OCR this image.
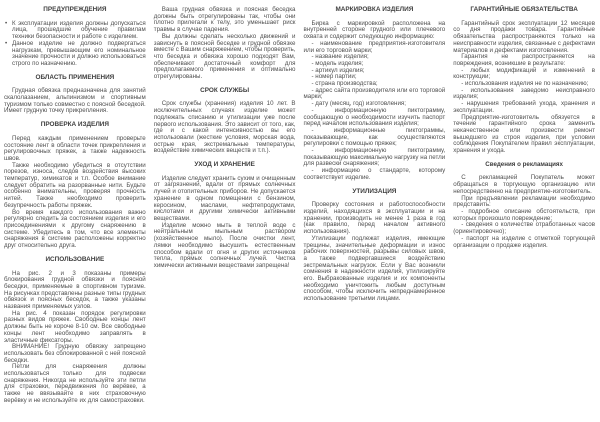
ПРЕДУПРЕЖДЕНИЯ
• К эксплуатации изделия должны допускаться лица, прошедшие обучение правилам техники безопасности и работе с изделием.
• Данное изделие не должно подвергаться нагрузкам, превышающим его номинальное значение прочности и должно использоваться строго по назначению.
ОБЛАСТЬ ПРИМЕНЕНИЯ
Грудная обвязка предназначена для занятий скалолазанием, альпинизмом и спортивным туризмом только совместно с поясной беседкой. Имеет грудную точку прикрепления.
ПРОВЕРКА ИЗДЕЛИЯ
Перед каждым применением проверьте состояние лент в области точек прикрепления и регулировочных пряжек, а также надежность швов.
Также необходимо убедиться в отсутствии порезов, износа, следов воздействия высоких температур, химикатов и т.п. Особое внимание следует обратить на разорванные нити. Будьте особенно внимательны, проверяя прочность нитей. Также необходимо проверить безупречность работы пряжек.
Во время каждого использования важно регулярно следить за состоянием изделия и его присоединениями к другому снаряжению в системе. Убедитесь в том, что все элементы снаряжения в системе расположены корректно друг относительно друга.
ИСПОЛЬЗОВАНИЕ
На рис. 2 и 3 показаны примеры блокирования грудной обвязки и поясной беседки, применяемые в спортивном туризме. На рисунках представлены разные типы грудных обвязок и поясных беседок, а также указаны названия применяемых узлов.
На рис. 4 показан порядок регулировки разных видов пряжек. Свободные концы лент должны быть не короче 8-10 см. Все свободные концы лент необходимо заправлять в эластичные фиксаторы.
ВНИМАНИЕ! Грудную обвязку запрещено использовать без сблокированной с ней поясной беседки.
Петли для снаряжения должны использоваться только для подвески снаряжения. Никогда не используйте эти петли для страховки, передвижения по верёвке, а также не ввязывайте в них страховочную верёвку и не используйте их для самостраховки.
Ваша грудная обвязка и поясная беседка должны быть отрегулированы так, чтобы они плотно прилегали к телу, это уменьшает риск травмы в случае падения.
Вы должны сделать несколько движений и зависнуть в поясной беседке и грудной обвязке вместе с Вашим снаряжением, чтобы проверить, что беседка и обвязка хорошо подходят Вам, обеспечивают достаточный комфорт для предполагаемого применения и оптимально отрегулированы.
СРОК СЛУЖБЫ
Срок службы (хранения) изделия 10 лет. В исключительных случаях изделие может подлежать списанию и утилизации уже после первого использования. Это зависит от того, как, где и с какой интенсивностью вы его использовали (жесткие условия, морская вода, острые края, экстремальные температуры, воздействие химических веществ и т.п.).
УХОД И ХРАНЕНИЕ
Изделие следует хранить сухим и очищенным от загрязнений, вдали от прямых солнечных лучей и отопительных приборов. Не допускается хранение в одном помещении с бензином, керосином, маслами, нефтепродуктами, кислотами и другими химически активными веществами.
Изделие можно мыть в теплой воде с нейтральным мыльным раствором (хозяйственное мыло). После очистки лент, лямки необходимо высушить естественным способом вдали от огня и других источников тепла, прямых солнечных лучей. Чистка химически активными веществами запрещена!
МАРКИРОВКА ИЗДЕЛИЯ
Бирка с маркировкой расположена на внутренней стороне грудного или плечевого охвата и содержит следующую информацию:
- наименование предприятия-изготовителя или его торговой марки;
- название изделия;
- модель изделия;
- артикул изделия;
- номер партии;
- страна производства;
- адрес сайта производителя или его торговой марки;
- дату (месяц, год) изготовления;
- информационную пиктограмму, сообщающую о необходимости изучить паспорт перед началом использования изделия;
- информационные пиктограммы, показывающие, как осуществляются регулировки с помощью пряжек;
- информационную пиктограмму, показывающую максимальную нагрузку на петли для развески снаряжения;
- информацию о стандарте, которому соответствует изделие.
УТИЛИЗАЦИЯ
Проверку состояния и работоспособности изделий, находящихся в эксплуатации и на хранении, производить не менее 1 раза в год (как правило, перед началом активного использования).
Утилизации подлежат изделия, имеющие трещины, значительные деформации и износ рабочих поверхностей, разрывы силовых швов, а также подвергавшиеся воздействию экстремальных нагрузок. Если у Вас возникли сомнения в надежности изделия, утилизируйте его. Выбракованные изделия и их компоненты необходимо уничтожить любым доступным способом, чтобы исключить непреднамеренное использование третьими лицами.
ГАРАНТИЙНЫЕ ОБЯЗАТЕЛЬСТВА
Гарантийный срок эксплуатации 12 месяцев со дня продажи товара. Гарантийные обязательства распространяются только на неисправности изделия, связанные с дефектами материалов и дефектами изготовления.
Гарантия не распространяется на повреждения, возникшие в результате:
- любых модификаций и изменений в конструкции;
- использования изделия не по назначению;
- использования заведомо неисправного изделия;
- нарушения требований ухода, хранения и эксплуатации.
Предприятие-изготовитель обязуется в течение гарантийного срока заменить некачественное или произвести ремонт вышедшего из строя изделия, при условии соблюдения Покупателем правил эксплуатации, хранения и ухода.
Сведения о рекламациях
С рекламацией Покупатель может обращаться в торгующую организацию или непосредственно на предприятие-изготовитель.
При предъявлении рекламации необходимо представить:
- подробное описание обстоятельств, при которых произошло повреждение;
- сведения о количестве отработанных часов (ориентировочно);
- паспорт на изделие с отметкой торгующей организации о продаже изделия.
